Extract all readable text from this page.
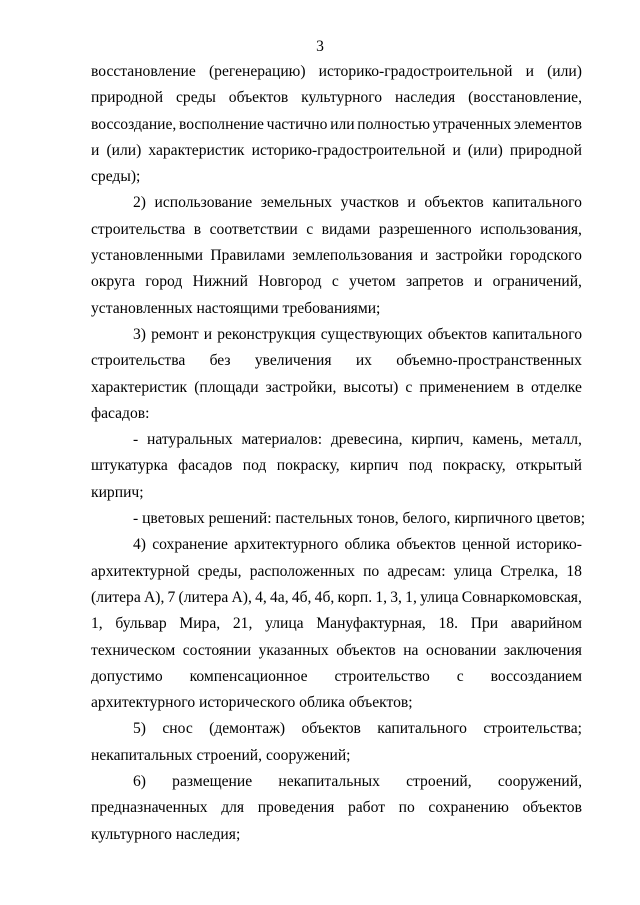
3
восстановление (регенерацию) историко-градостроительной и (или)
природной среды объектов культурного наследия (восстановление,
воссоздание, восполнение частично или полностью утраченных элементов
и (или) характеристик историко-градостроительной и (или) природной
среды);
2) использование земельных участков и объектов капитального
строительства в соответствии с видами разрешенного использования,
установленными Правилами землепользования и застройки городского
округа город Нижний Новгород с учетом запретов и ограничений,
установленных настоящими требованиями;
3) ремонт и реконструкция существующих объектов капитального
строительства без увеличения их объемно-пространственных
характеристик (площади застройки, высоты) с применением в отделке
фасадов:
- натуральных материалов: древесина, кирпич, камень, металл,
штукатурка фасадов под покраску, кирпич под покраску, открытый
кирпич;
- цветовых решений: пастельных тонов, белого, кирпичного цветов;
4) сохранение архитектурного облика объектов ценной историко-
архитектурной среды, расположенных по адресам: улица Стрелка, 18
(литера А), 7 (литера А), 4, 4а, 4б, 4б, корп. 1, 3, 1, улица Совнаркомовская,
1, бульвар Мира, 21, улица Мануфактурная, 18. При аварийном
техническом состоянии указанных объектов на основании заключения
допустимо компенсационное строительство с воссозданием
архитектурного исторического облика объектов;
5) снос (демонтаж) объектов капитального строительства;
некапитальных строений, сооружений;
6) размещение некапитальных строений, сооружений,
предназначенных для проведения работ по сохранению объектов
культурного наследия;
